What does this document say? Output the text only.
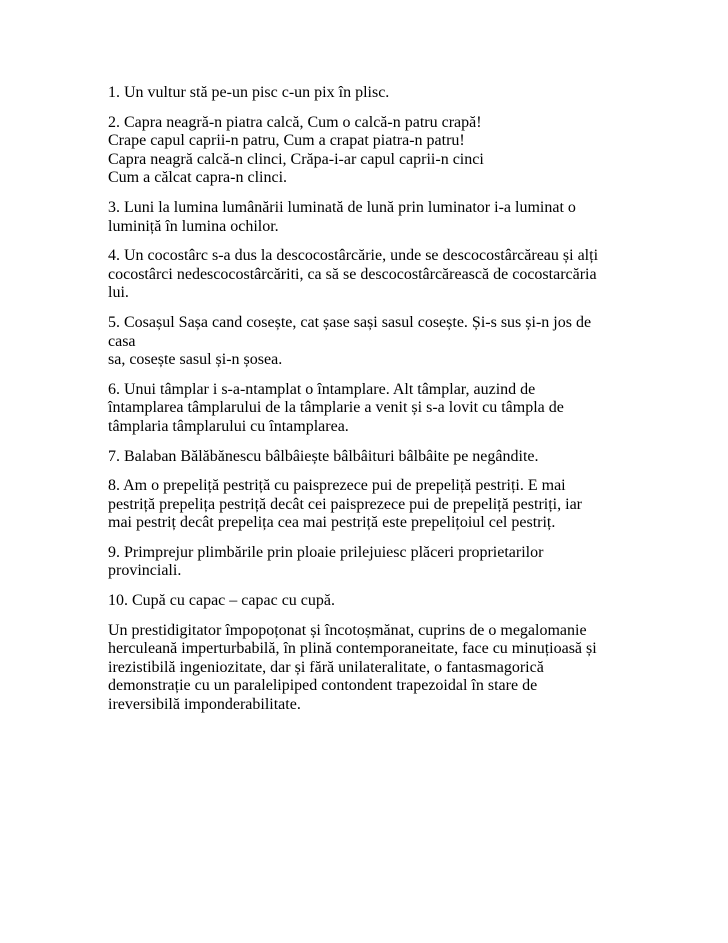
1. Un vultur stă pe-un pisc c-un pix în plisc.
2. Capra neagră-n piatra calcă, Cum o calcă-n patru crapă!
Crape capul caprii-n patru, Cum a crapat piatra-n patru!
Capra neagră calcă-n clinci, Crăpa-i-ar capul caprii-n cinci
Cum a călcat capra-n clinci.
3. Luni la lumina lumânării luminată de lună prin luminator i-a luminat o
luminiță în lumina ochilor.
4. Un cocostârc s-a dus la descocostârcărie, unde se descocostârcăreau și alți
cocostârci nedescocostârcăriti, ca să se descocostârcărească de cocostarcăria
lui.
5. Cosașul Sașa cand cosește, cat șase sași sasul cosește. Și-s sus și-n jos de
casa
sa, cosește sasul și-n șosea.
6. Unui tâmplar i s-a-ntamplat o întamplare. Alt tâmplar, auzind de
întamplarea tâmplarului de la tâmplarie a venit și s-a lovit cu tâmpla de
tâmplaria tâmplarului cu întamplarea.
7. Balaban Bălăbănescu bâlbâiește bâlbâituri bâlbâite pe negândite.
8. Am o prepeliță pestriță cu paisprezece pui de prepeliță pestriți. E mai
pestriță prepelița pestriță decât cei paisprezece pui de prepeliță pestriți, iar
mai pestriț decât prepelița cea mai pestriță este prepelițoiul cel pestriț.
9. Primprejur plimbările prin ploaie prilejuiesc plăceri proprietarilor
provinciali.
10. Cupă cu capac – capac cu cupă.
Un prestidigitator împopoțonat și încotoșmănat, cuprins de o megalomanie
herculeană imperturbabilă, în plină contemporaneitate, face cu minuțioasă și
irezistibilă ingeniozitate, dar și fără unilateralitate, o fantasmagorică
demonstrație cu un paralelipiped contondent trapezoidal în stare de
ireversibilă imponderabilitate.
